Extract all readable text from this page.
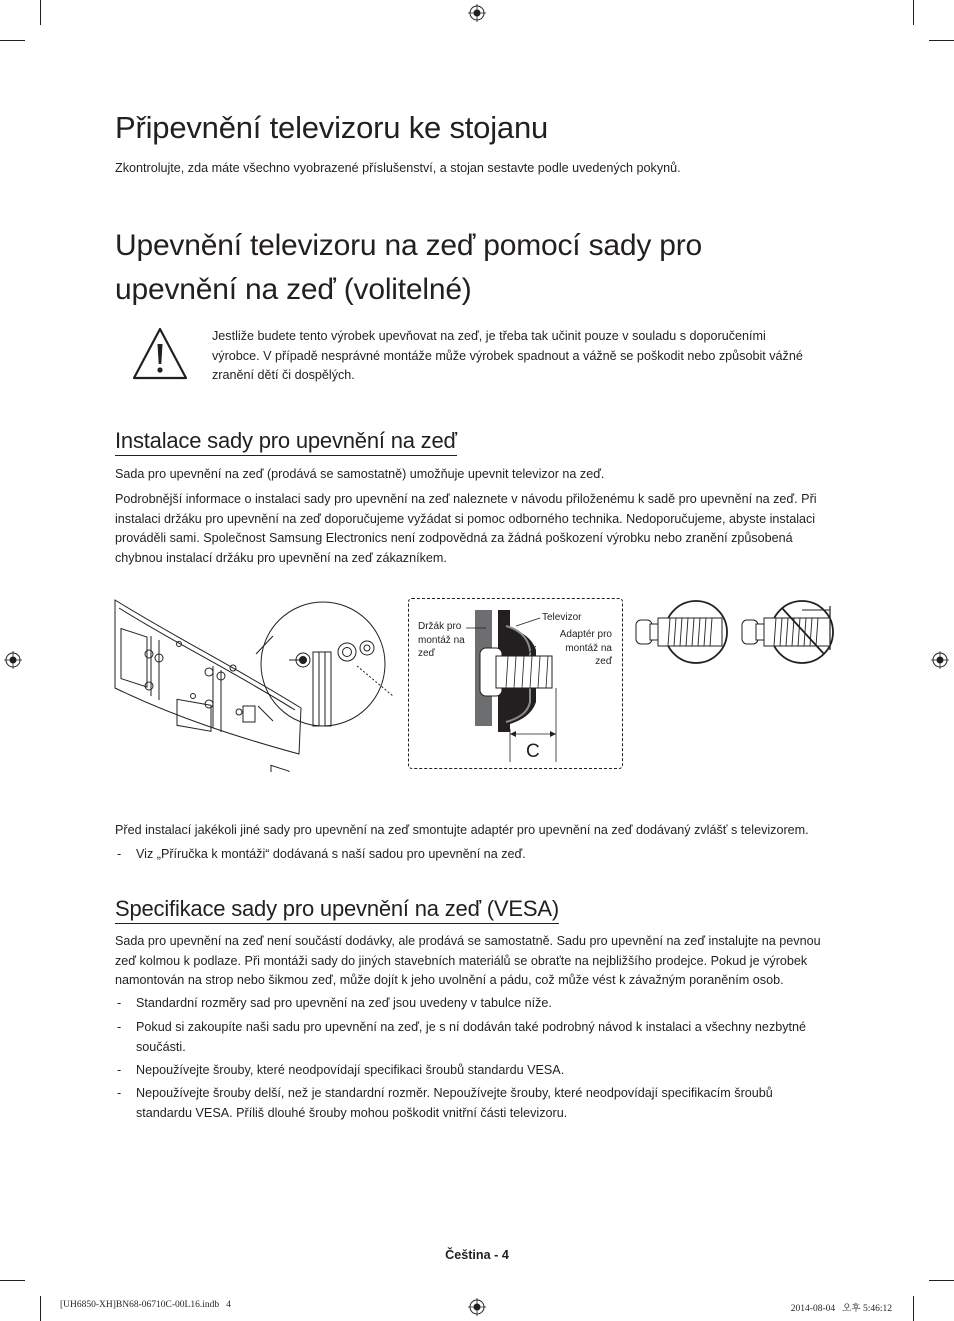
Připevnění televizoru ke stojanu

Zkontrolujte, zda máte všechno vyobrazené příslušenství, a stojan sestavte podle uvedených pokynů.

Upevnění televizoru na zeď pomocí sady pro
upevnění na zeď (volitelné)

Jestliže budete tento výrobek upevňovat na zeď, je třeba tak učinit pouze v souladu s doporučeními

výrobce. V případě nesprávné montáže může výrobek spadnout a vážně se poškodit nebo způsobit vážné

zranění dětí či dospělých.

Instalace sady pro upevnění na zeď

Sada pro upevnění na zeď (prodává se samostatně) umožňuje upevnit televizor na zeď.

Podrobnější informace o instalaci sady pro upevnění na zeď naleznete v návodu přiloženému k sadě pro upevnění na zeď. Při

instalaci držáku pro upevnění na zeď doporučujeme vyžádat si pomoc odborného technika. Nedoporučujeme, abyste instalaci

prováděli sami. Společnost Samsung Electronics není zodpovědná za žádná poškození výrobku nebo zranění způsobená

chybnou instalací držáku pro upevnění na zeď zákazníkem.

Držák pro
montáž na
zeď
Televizor
Adaptér pro
montáž na
zeď
C

Před instalací jakékoli jiné sady pro upevnění na zeď smontujte adaptér pro upevnění na zeď dodávaný zvlášť s televizorem.

- Viz „Příručka k montáži“ dodávaná s naší sadou pro upevnění na zeď.
Specifikace sady pro upevnění na zeď (VESA)

Sada pro upevnění na zeď není součástí dodávky, ale prodává se samostatně. Sadu pro upevnění na zeď instalujte na pevnou

zeď kolmou k podlaze. Při montáži sady do jiných stavebních materiálů se obraťte na nejbližšího prodejce. Pokud je výrobek

namontován na strop nebo šikmou zeď, může dojít k jeho uvolnění a pádu, což může vést k závažným poraněním osob.

- Standardní rozměry sad pro upevnění na zeď jsou uvedeny v tabulce níže.
- Pokud si zakoupíte naši sadu pro upevnění na zeď, je s ní dodáván také podrobný návod k instalaci a všechny nezbytné
součásti.
- Nepoužívejte šrouby, které neodpovídají specifikaci šroubů standardu VESA.
- Nepoužívejte šrouby delší, než je standardní rozměr. Nepoužívejte šrouby, které neodpovídají specifikacím šroubů
standardu VESA. Příliš dlouhé šrouby mohou poškodit vnitřní části televizoru.
Čeština - 4
[UH6850-XH]BN68-06710C-00L16.indb   4	2014-08-04   오후 5:46:12
